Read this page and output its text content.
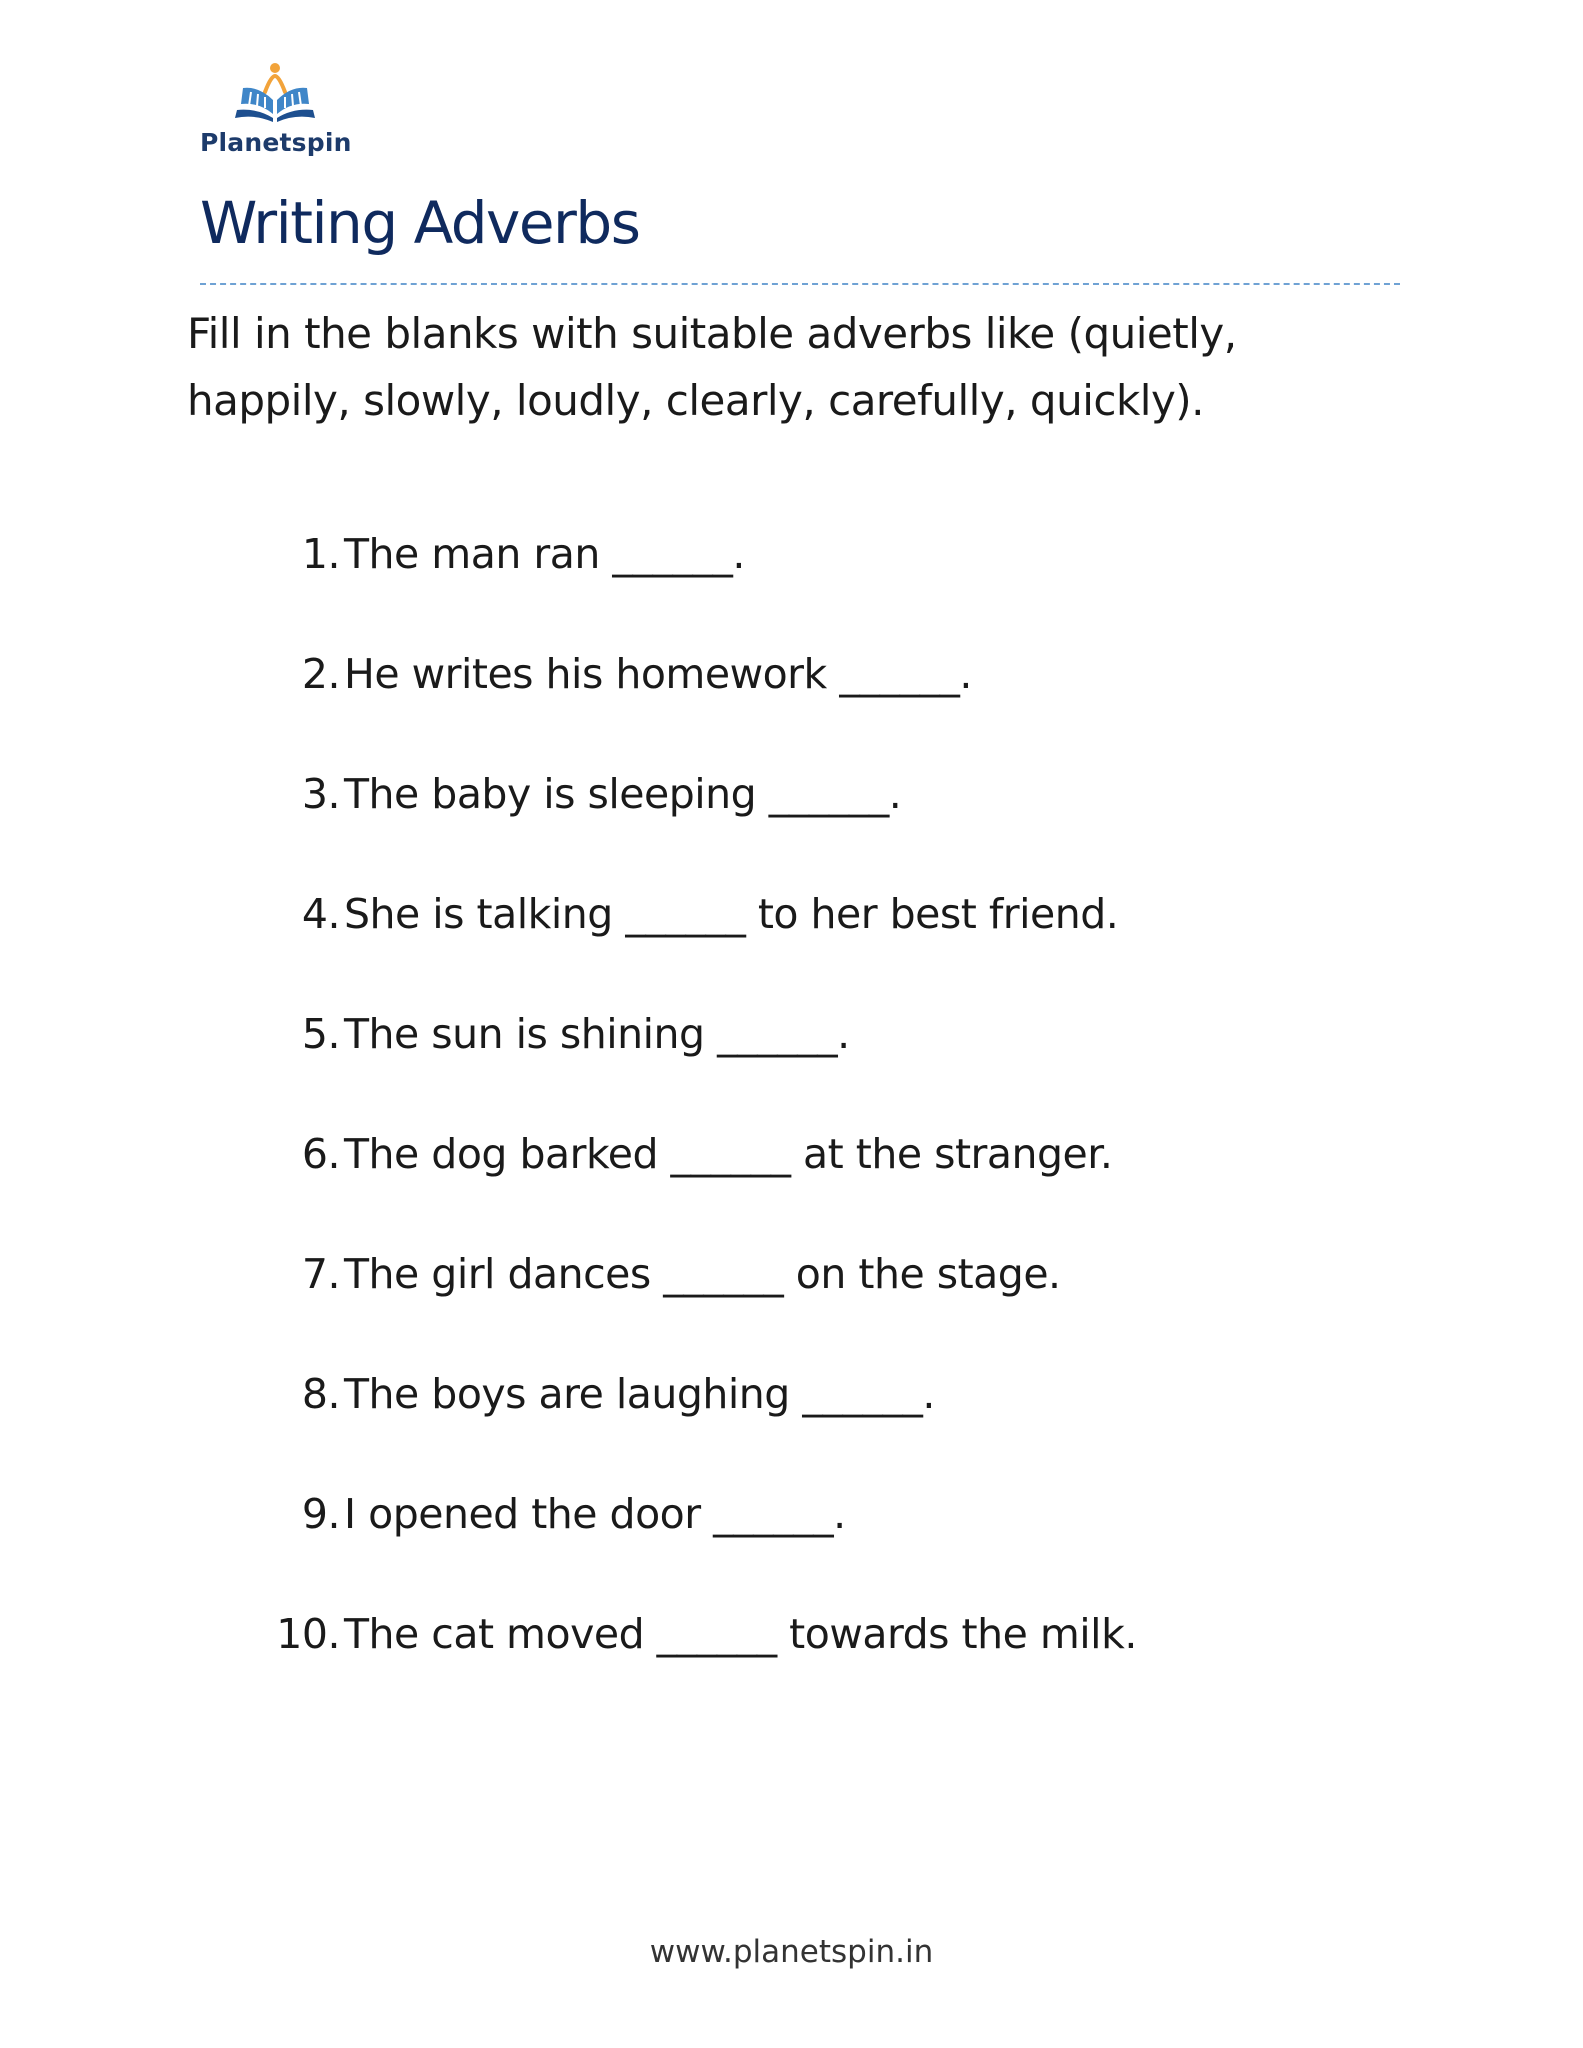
Planetspin
Writing Adverbs

Fill in the blanks with suitable adverbs like (quietly, happily, slowly, loudly, clearly, carefully, quickly).

1. The man ran ______.
2. He writes his homework ______.
3. The baby is sleeping ______.
4. She is talking ______ to her best friend.
5. The sun is shining ______.
6. The dog barked ______ at the stranger.
7. The girl dances ______ on the stage.
8. The boys are laughing ______.
9. I opened the door ______.
10. The cat moved ______ towards the milk.
www.planetspin.in
